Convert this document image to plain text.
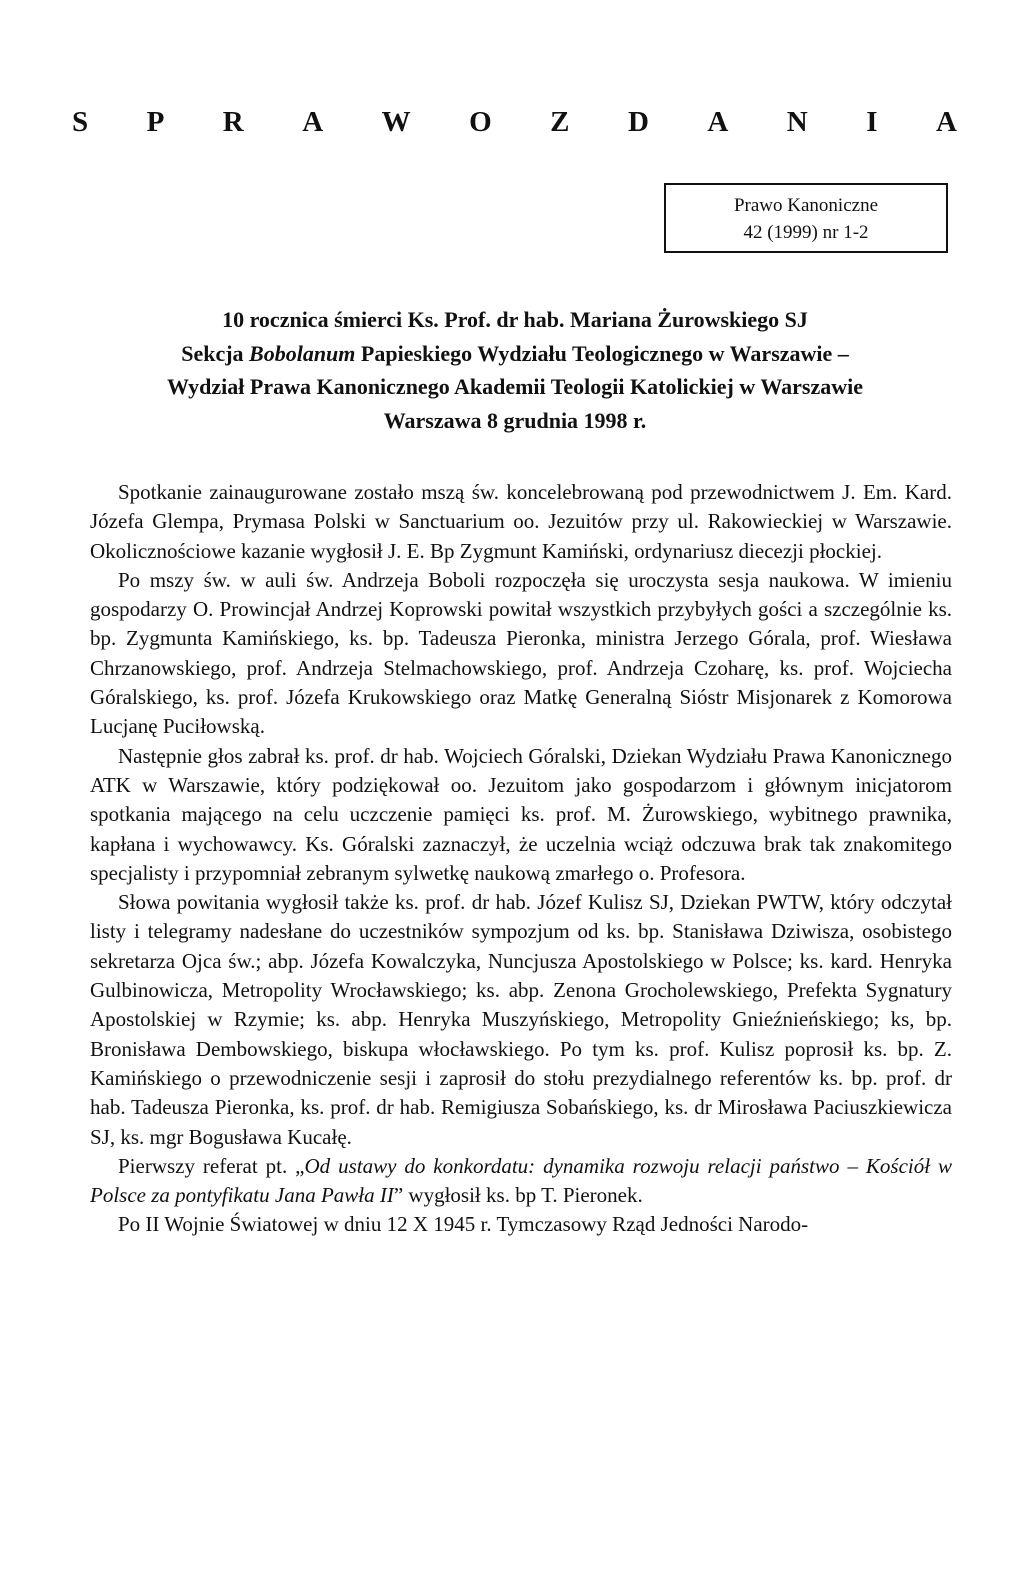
S P R A W O Z D A N I A
Prawo Kanoniczne
42 (1999) nr 1-2
10 rocznica śmierci Ks. Prof. dr hab. Mariana Żurowskiego SJ
Sekcja Bobolanum Papieskiego Wydziału Teologicznego w Warszawie –
Wydział Prawa Kanonicznego Akademii Teologii Katolickiej w Warszawie
Warszawa 8 grudnia 1998 r.

Spotkanie zainaugurowane zostało mszą św. koncelebrowaną pod przewodnictwem J. Em. Kard. Józefa Glempa, Prymasa Polski w Sanctuarium oo. Jezuitów przy ul. Rakowieckiej w Warszawie. Okolicznościowe kazanie wygłosił J. E. Bp Zygmunt Kamiński, ordynariusz diecezji płockiej.

Po mszy św. w auli św. Andrzeja Boboli rozpoczęła się uroczysta sesja naukowa. W imieniu gospodarzy O. Prowincjał Andrzej Koprowski powitał wszystkich przybyłych gości a szczególnie ks. bp. Zygmunta Kamińskiego, ks. bp. Tadeusza Pieronka, ministra Jerzego Górala, prof. Wiesława Chrzanowskiego, prof. Andrzeja Stelmachowskiego, prof. Andrzeja Czoharę, ks. prof. Wojciecha Góralskiego, ks. prof. Józefa Krukowskiego oraz Matkę Generalną Sióstr Misjonarek z Komorowa Lucjanę Puciłowską.

Następnie głos zabrał ks. prof. dr hab. Wojciech Góralski, Dziekan Wydziału Prawa Kanonicznego ATK w Warszawie, który podziękował oo. Jezuitom jako gospodarzom i głównym inicjatorom spotkania mającego na celu uczczenie pamięci ks. prof. M. Żurowskiego, wybitnego prawnika, kapłana i wychowawcy. Ks. Góralski zaznaczył, że uczelnia wciąż odczuwa brak tak znakomitego specjalisty i przypomniał zebranym sylwetkę naukową zmarłego o. Profesora.

Słowa powitania wygłosił także ks. prof. dr hab. Józef Kulisz SJ, Dziekan PWTW, który odczytał listy i telegramy nadesłane do uczestników sympozjum od ks. bp. Stanisława Dziwisza, osobistego sekretarza Ojca św.; abp. Józefa Kowalczyka, Nuncjusza Apostolskiego w Polsce; ks. kard. Henryka Gulbinowicza, Metropolity Wrocławskiego; ks. abp. Zenona Grocholewskiego, Prefekta Sygnatury Apostolskiej w Rzymie; ks. abp. Henryka Muszyńskiego, Metropolity Gnieźnieńskiego; ks, bp. Bronisława Dembowskiego, biskupa włocławskiego. Po tym ks. prof. Kulisz poprosił ks. bp. Z. Kamińskiego o przewodniczenie sesji i zaprosił do stołu prezydialnego referentów ks. bp. prof. dr hab. Tadeusza Pieronka, ks. prof. dr hab. Remigiusza Sobańskiego, ks. dr Mirosława Paciuszkiewicza SJ, ks. mgr Bogusława Kucałę.

Pierwszy referat pt. „Od ustawy do konkordatu: dynamika rozwoju relacji państwo – Kościół w Polsce za pontyfikatu Jana Pawła II” wygłosił ks. bp T. Pieronek.

Po II Wojnie Światowej w dniu 12 X 1945 r. Tymczasowy Rząd Jedności Narodo-
